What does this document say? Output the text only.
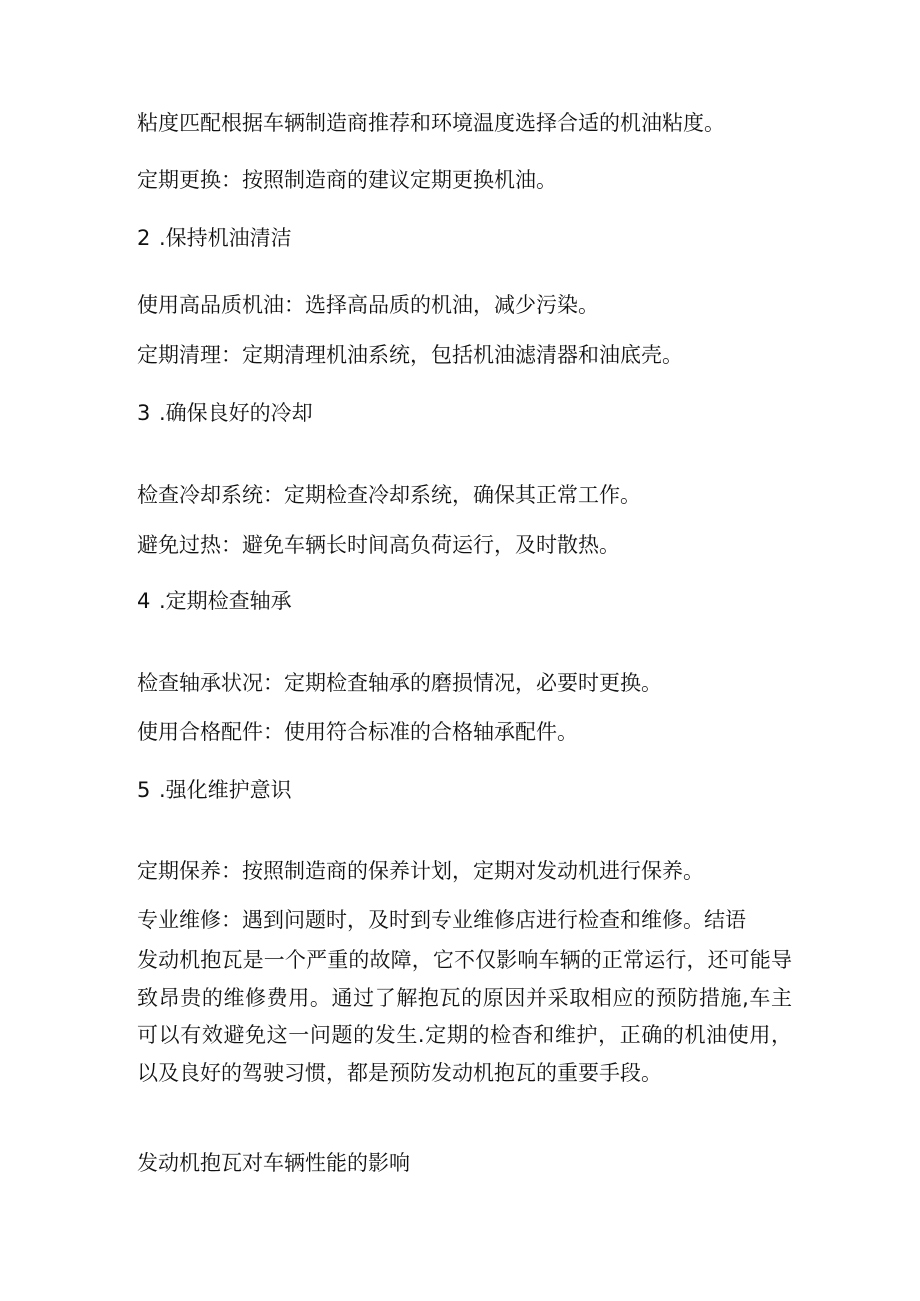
粘度匹配根据车辆制造商推荐和环境温度选择合适的机油粘度。
定期更换：按照制造商的建议定期更换机油。
2 .保持机油清洁
使用高品质机油：选择高品质的机油，减少污染。
定期清理：定期清理机油系统，包括机油滤清器和油底壳。
3 .确保良好的冷却
检查冷却系统：定期检查冷却系统，确保其正常工作。
避免过热：避免车辆长时间高负荷运行，及时散热。
4 .定期检查轴承
检查轴承状况：定期检査轴承的磨损情况，必要时更换。
使用合格配件：使用符合标准的合格轴承配件。
5 .强化维护意识
定期保养：按照制造商的保养计划，定期对发动机进行保养。
专业维修：遇到问题时，及时到专业维修店进行检查和维修。结语
发动机抱瓦是一个严重的故障，它不仅影响车辆的正常运行，还可能导致昂贵的维修费用。通过了解抱瓦的原因并采取相应的预防措施,车主可以有效避免这一问题的发生.定期的检杳和维护，正确的机油使用，以及良好的驾驶习惯，都是预防发动机抱瓦的重要手段。
发动机抱瓦对车辆性能的影响
